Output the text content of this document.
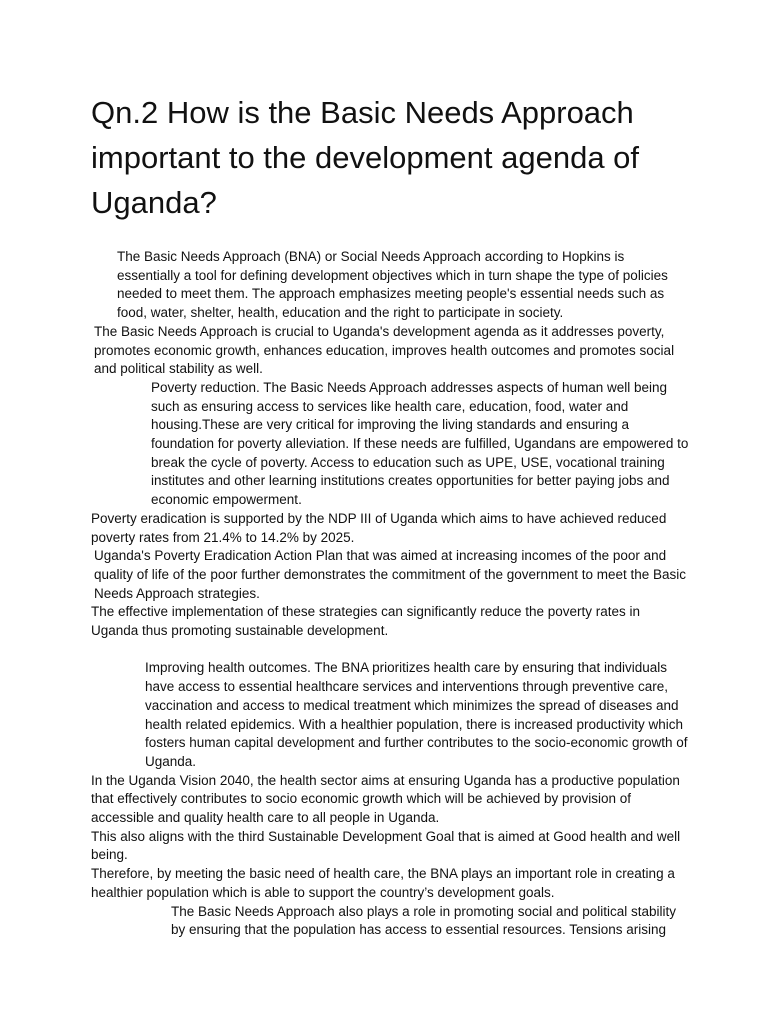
Qn.2 How is the Basic Needs Approach important to the development agenda of Uganda?

The Basic Needs Approach (BNA) or Social Needs Approach according to Hopkins is essentially a tool for defining development objectives which in turn shape the type of policies needed to meet them. The approach emphasizes meeting people's essential needs such as food, water, shelter, health, education and the right to participate in society.

The Basic Needs Approach is crucial to Uganda's development agenda as it addresses poverty, promotes economic growth, enhances education, improves health outcomes and promotes social and political stability as well.

Poverty reduction. The Basic Needs Approach addresses aspects of human well being such as ensuring access to services like health care, education, food, water and housing.These are very critical for improving the living standards and ensuring a foundation for poverty alleviation. If these needs are fulfilled, Ugandans are empowered to break the cycle of poverty. Access to education such as UPE, USE, vocational training institutes and other learning institutions creates opportunities for better paying jobs and economic empowerment.

Poverty eradication is supported by the NDP III of Uganda which aims to have achieved reduced poverty rates from 21.4% to 14.2% by 2025.

Uganda's Poverty Eradication Action Plan that was aimed at increasing incomes of the poor and quality of life of the poor further demonstrates the commitment of the government to meet the Basic Needs Approach strategies.

The effective implementation of these strategies can significantly reduce the poverty rates in Uganda thus promoting sustainable development.

Improving health outcomes. The BNA prioritizes health care by ensuring that individuals have access to essential healthcare services and interventions through preventive care, vaccination and access to medical treatment which minimizes the spread of diseases and health related epidemics. With a healthier population, there is increased productivity which fosters human capital development and further contributes to the socio-economic growth of Uganda.

In the Uganda Vision 2040, the health sector aims at ensuring Uganda has a productive population that effectively contributes to socio economic growth which will be achieved by provision of accessible and quality health care to all people in Uganda.

This also aligns with the third Sustainable Development Goal that is aimed at Good health and well being.

Therefore, by meeting the basic need of health care, the BNA plays an important role in creating a healthier population which is able to support the country’s development goals.

The Basic Needs Approach also plays a role in promoting social and political stability by ensuring that the population has access to essential resources. Tensions arising
